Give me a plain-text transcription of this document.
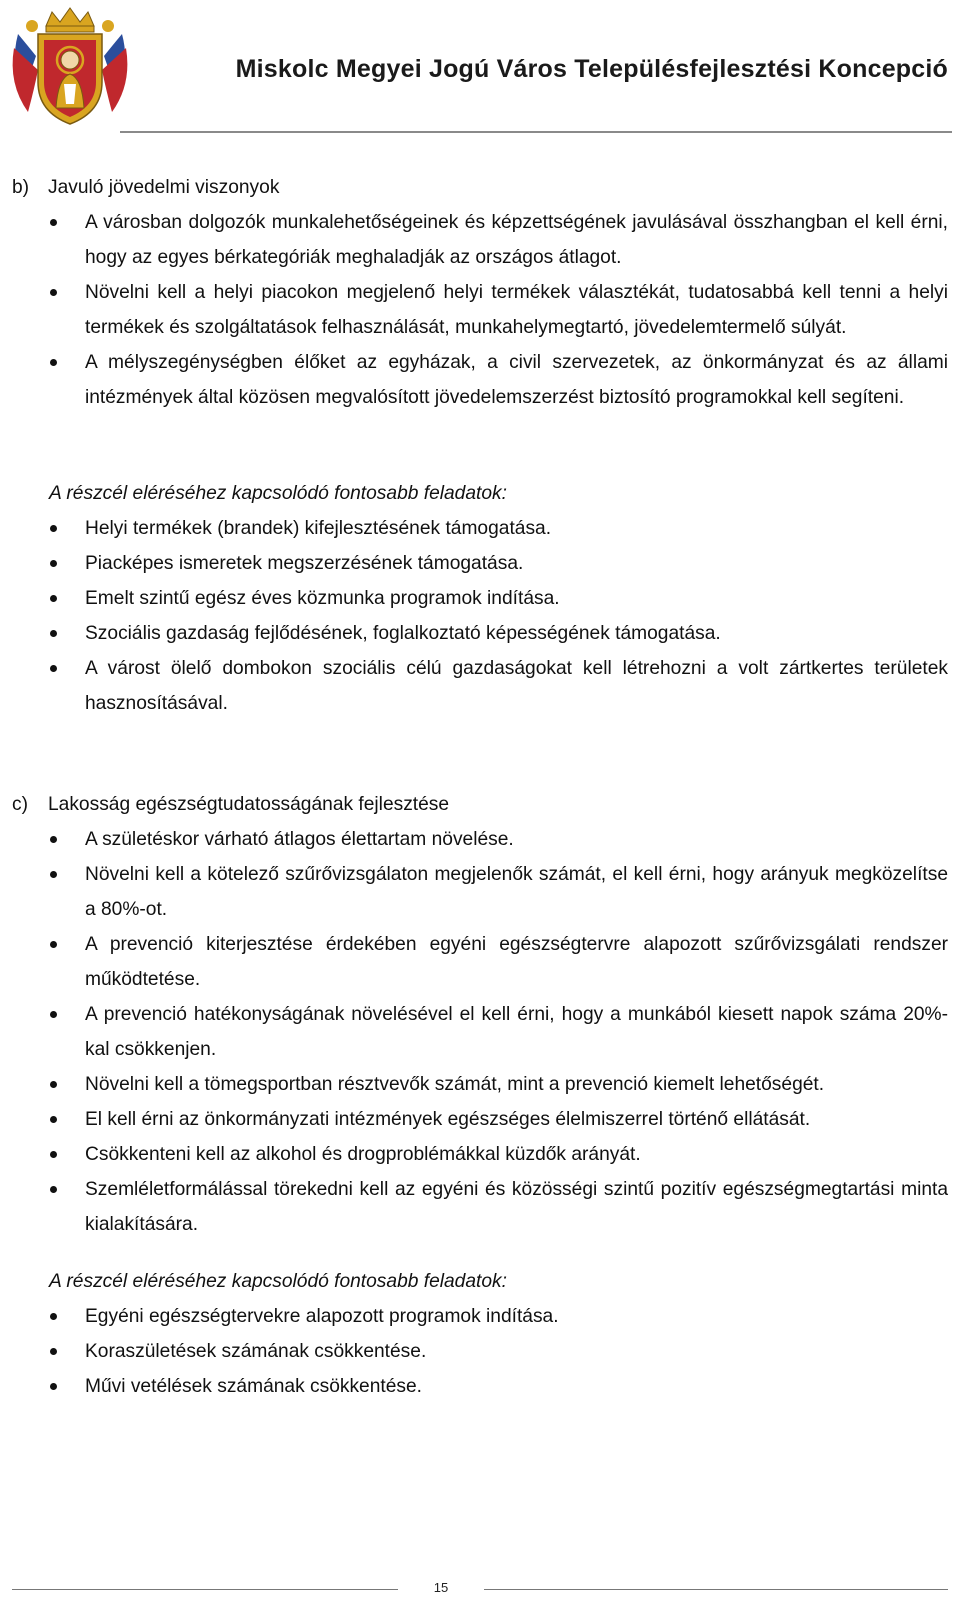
Miskolc Megyei Jogú Város Településfejlesztési Koncepció
b) Javuló jövedelmi viszonyok
A városban dolgozók munkalehetőségeinek és képzettségének javulásával összhangban el kell érni, hogy az egyes bérkategóriák meghaladják az országos átlagot.
Növelni kell a helyi piacokon megjelenő helyi termékek választékát, tudatosabbá kell tenni a helyi termékek és szolgáltatások felhasználását, munkahelymegtartó, jövedelemtermelő súlyát.
A mélyszegénységben élőket az egyházak, a civil szervezetek, az önkormányzat és az állami intézmények által közösen megvalósított jövedelemszerzést biztosító programokkal kell segíteni.
A részcél eléréséhez kapcsolódó fontosabb feladatok:
Helyi termékek (brandek) kifejlesztésének támogatása.
Piacképes ismeretek megszerzésének támogatása.
Emelt szintű egész éves közmunka programok indítása.
Szociális gazdaság fejlődésének, foglalkoztató képességének támogatása.
A várost ölelő dombokon szociális célú gazdaságokat kell létrehozni a volt zártkertes területek hasznosításával.
c)	Lakosság egészségtudatosságának fejlesztése
A születéskor várható átlagos élettartam növelése.
Növelni kell a kötelező szűrővizsgálaton megjelenők számát, el kell érni, hogy arányuk megközelítse a 80%-ot.
A prevenció kiterjesztése érdekében egyéni egészségtervre alapozott szűrővizsgálati rendszer működtetése.
A prevenció hatékonyságának növelésével el kell érni, hogy a munkából kiesett napok száma 20%-kal csökkenjen.
Növelni kell a tömegsportban résztvevők számát, mint a prevenció kiemelt lehetőségét.
El kell érni az önkormányzati intézmények egészséges élelmiszerrel történő ellátását.
Csökkenteni kell az alkohol és drogproblémákkal küzdők arányát.
Szemléletformálással törekedni kell az egyéni és közösségi szintű pozitív egészségmegtartási minta kialakítására.
A részcél eléréséhez kapcsolódó fontosabb feladatok:
Egyéni egészségtervekre alapozott programok indítása.
Koraszületések számának csökkentése.
Művi vetélések számának csökkentése.
15
